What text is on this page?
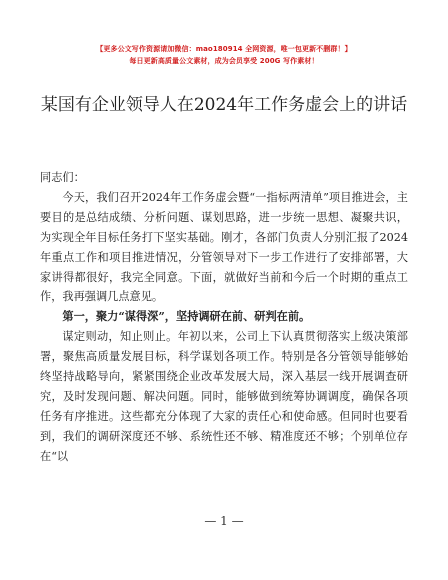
【更多公文写作资源请加微信：mao180914 全网资源，唯一包更新不删群！】
每日更新高质量公文素材，成为会员享受 200G 写作素材！
某国有企业领导人在2024年工作务虚会上的讲话

同志们：

今天，我们召开2024年工作务虚会暨“一指标两清单”项目推进会，主要目的是总结成绩、分析问题、谋划思路，进一步统一思想、凝聚共识，为实现全年目标任务打下坚实基础。刚才，各部门负责人分别汇报了2024年重点工作和项目推进情况，分管领导对下一步工作进行了安排部署，大家讲得都很好，我完全同意。下面，就做好当前和今后一个时期的重点工作，我再强调几点意见。

第一，聚力“谋得深”，坚持调研在前、研判在前。

谋定则动，知止则止。年初以来，公司上下认真贯彻落实上级决策部署，聚焦高质量发展目标，科学谋划各项工作。特别是各分管领导能够始终坚持战略导向，紧紧围绕企业改革发展大局，深入基层一线开展调查研究，及时发现问题、解决问题。同时，能够做到统筹协调调度，确保各项任务有序推进。这些都充分体现了大家的责任心和使命感。但同时也要看到，我们的调研深度还不够、系统性还不够、精准度还不够；个别单位存在“以

— 1 —
